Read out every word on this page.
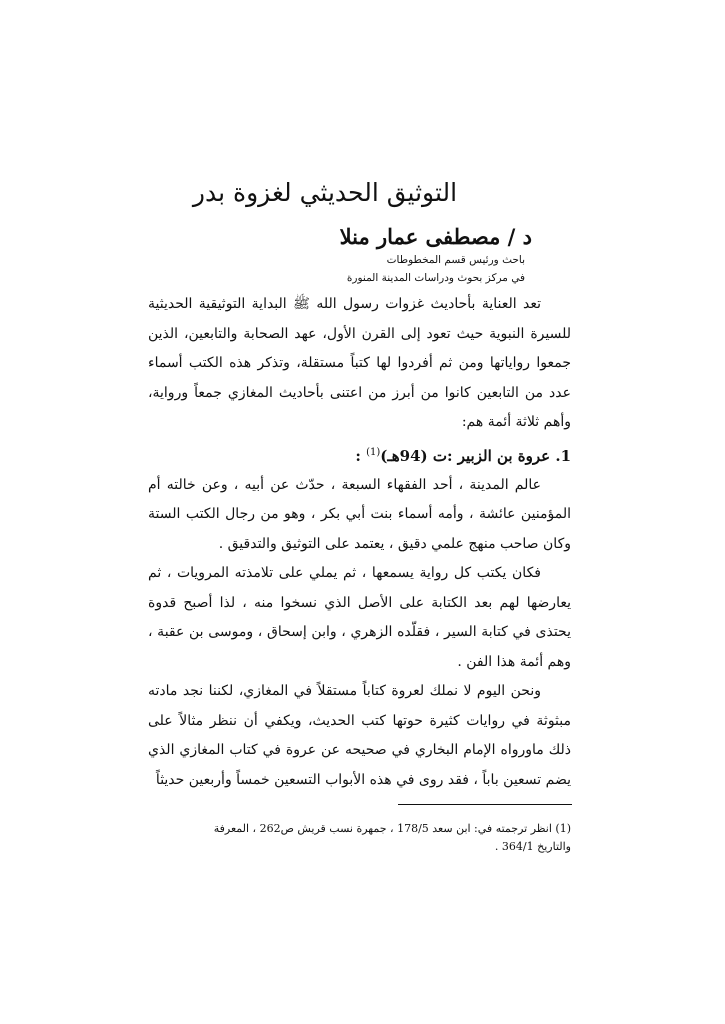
التوثيق الحديثي لغزوة بدر
د / مصطفى عمار منلا
باحث ورئيس قسم المخطوطات
في مركز بحوث ودراسات المدينة المنورة

تعد العناية بأحاديث غزوات رسول الله ﷺ البداية التوثيقية الحديثية للسيرة النبوية حيث تعود إلى القرن الأول، عهد الصحابة والتابعين، الذين جمعوا رواياتها ومن ثم أفردوا لها كتباً مستقلة، وتذكر هذه الكتب أسماء عدد من التابعين كانوا من أبرز من اعتنى بأحاديث المغازي جمعاً ورواية، وأهم ثلاثة أئمة هم:

1. عروة بن الزبير :ت (94هـ)$^{(1)}$ :

عالم المدينة ، أحد الفقهاء السبعة ، حدّث عن أبيه ، وعن خالته أم المؤمنين عائشة ، وأمه أسماء بنت أبي بكر ، وهو من رجال الكتب الستة وكان صاحب منهج علمي دقيق ، يعتمد على التوثيق والتدقيق .

فكان يكتب كل رواية يسمعها ، ثم يملي على تلامذته المرويات ، ثم يعارضها لهم بعد الكتابة على الأصل الذي نسخوا منه ، لذا أصبح قدوة يحتذى في كتابة السير ، فقلّده الزهري ، وابن إسحاق ، وموسى بن عقبة ، وهم أئمة هذا الفن .

ونحن اليوم لا نملك لعروة كتاباً مستقلاً في المغازي، لكننا نجد مادته مبثوثة في روايات كثيرة حوتها كتب الحديث، ويكفي أن ننظر مثالاً على ذلك ماورواه الإمام البخاري في صحيحه عن عروة في كتاب المغازي الذي يضم تسعين باباً ، فقد روى في هذه الأبواب التسعين خمساً وأربعين حديثاً

(1) انظر ترجمته في: ابن سعد 178/5 ، جمهرة نسب قريش ص262 ، المعرفة والتاريخ 364/1 .
